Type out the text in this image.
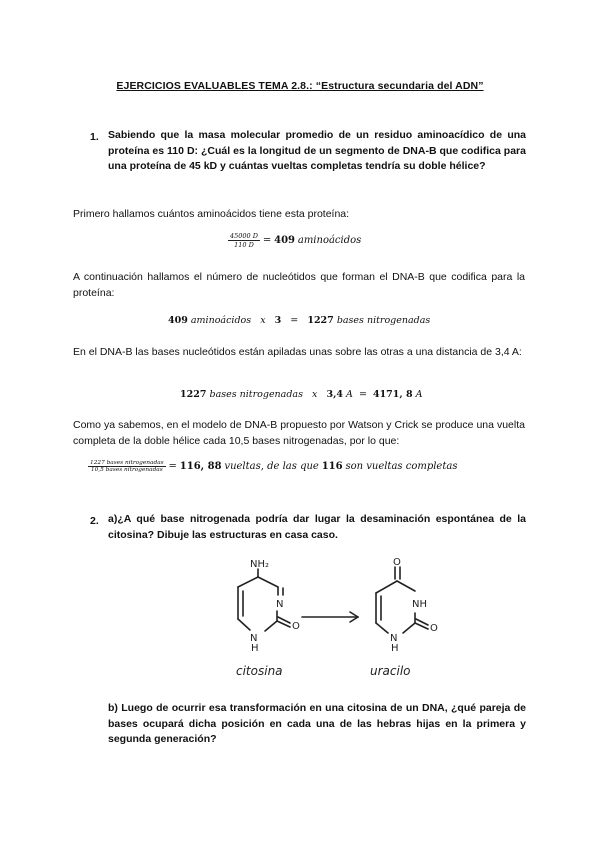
EJERCICIOS EVALUABLES TEMA 2.8.: “Estructura secundaria del ADN”
1. Sabiendo que la masa molecular promedio de un residuo aminoacídico de una proteína es 110 D: ¿Cuál es la longitud de un segmento de DNA-B que codifica para una proteína de 45 kD y cuántas vueltas completas tendría su doble hélice?
Primero hallamos cuántos aminoácidos tiene esta proteína:
$\frac{45000 D}{110 D} = 409$ aminoácidos
A continuación hallamos el número de nucleótidos que forman el DNA-B que codifica para la proteína:
409 aminoácidos x 3 = 1227 bases nitrogenadas
En el DNA-B las bases nucleótidos están apiladas unas sobre las otras a una distancia de 3,4 A:
1227 bases nitrogenadas x 3,4 A = 4171, 8 A
Como ya sabemos, en el modelo de DNA-B propuesto por Watson y Crick se produce una vuelta completa de la doble hélice cada 10,5 bases nitrogenadas, por lo que:
$\frac{\text{1227 bases nitrogenadas}}{\text{10,5 bases nitrogenadas}} = 116$, 88 vueltas, de las que 116 son vueltas completas
2. a)¿A qué base nitrogenada podría dar lugar la desaminación espontánea de la citosina? Dibuje las estructuras en casa caso.
NH₂
N
N
H
O
O
NH
N
H
O
citosina	uracilo
b) Luego de ocurrir esa transformación en una citosina de un DNA, ¿qué pareja de bases ocupará dicha posición en cada una de las hebras hijas en la primera y segunda generación?
